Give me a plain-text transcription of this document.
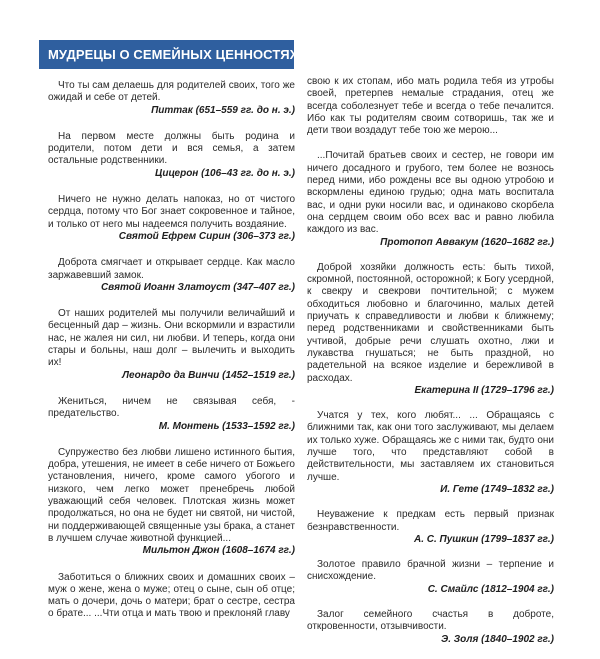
МУДРЕЦЫ О СЕМЕЙНЫХ ЦЕННОСТЯХ
Что ты сам делаешь для родителей своих, того же ожидай и себе от детей.
Питтак (651–559 гг. до н. э.)
На первом месте должны быть родина и родители, потом дети и вся семья, а затем остальные родственники.
Цицерон (106–43 гг. до н. э.)
Ничего не нужно делать напоказ, но от чистого сердца, потому что Бог знает сокровенное и тайное, и только от него мы надеемся получить воздаяние.
Святой Ефрем Сирин (306–373 гг.)
Доброта смягчает и открывает сердце. Как масло заржавевший замок.
Святой Иоанн Златоуст (347–407 гг.)
От наших родителей мы получили величайший и бесценный дар – жизнь. Они вскормили и взрастили нас, не жалея ни сил, ни любви. И теперь, когда они стары и больны, наш долг – вылечить и выходить их!
Леонардо да Винчи (1452–1519 гг.)
Жениться, ничем не связывая себя, - предательство.
М. Монтень (1533–1592 гг.)
Супружество без любви лишено истинного бытия, добра, утешения, не имеет в себе ничего от Божьего установления, ничего, кроме самого убогого и низкого, чем легко может пренебречь любой уважающий себя человек. Плотская жизнь может продолжаться, но она не будет ни святой, ни чистой, ни поддерживающей священные узы брака, а станет в лучшем случае животной функцией...
Мильтон Джон (1608–1674 гг.)
Заботиться о ближних своих и домашних своих – муж о жене, жена о муже; отец о сыне, сын об отце; мать о дочери, дочь о матери; брат о сестре, сестра о брате... ...Чти отца и мать твою и преклоняй главу
свою к их стопам, ибо мать родила тебя из утробы своей, претерпев немалые страдания, отец же всегда соболезнует тебе и всегда о тебе печалится. Ибо как ты родителям своим сотворишь, так же и дети твои воздадут тебе тою же мерою...
...Почитай братьев своих и сестер, не говори им ничего досадного и грубого, тем более не вознось перед ними, ибо рождены все вы одною утробою и вскормлены единою грудью; одна мать воспитала вас, и одни руки носили вас, и одинаково скорбела она сердцем своим обо всех вас и равно любила каждого из вас.
Протопоп Аввакум (1620–1682 гг.)
Доброй хозяйки должность есть: быть тихой, скромной, постоянной, осторожной; к Богу усердной, к свекру и свекрови почтительной; с мужем обходиться любовно и благочинно, малых детей приучать к справедливости и любви к ближнему; перед родственниками и свойственниками быть учтивой, добрые речи слушать охотно, лжи и лукавства гнушаться; не быть праздной, но радетельной на всякое изделие и бережливой в расходах.
Екатерина II (1729–1796 гг.)
Учатся у тех, кого любят... ... Обращаясь с ближними так, как они того заслуживают, мы делаем их только хуже. Обращаясь же с ними так, будто они лучше того, что представляют собой в действительности, мы заставляем их становиться лучше.
И. Гете (1749–1832 гг.)
Неуважение к предкам есть первый признак безнравственности.
А. С. Пушкин (1799–1837 гг.)
Золотое правило брачной жизни – терпение и снисхождение.
С. Смайлс (1812–1904 гг.)
Залог семейного счастья в доброте, откровенности, отзывчивости.
Э. Золя (1840–1902 гг.)
